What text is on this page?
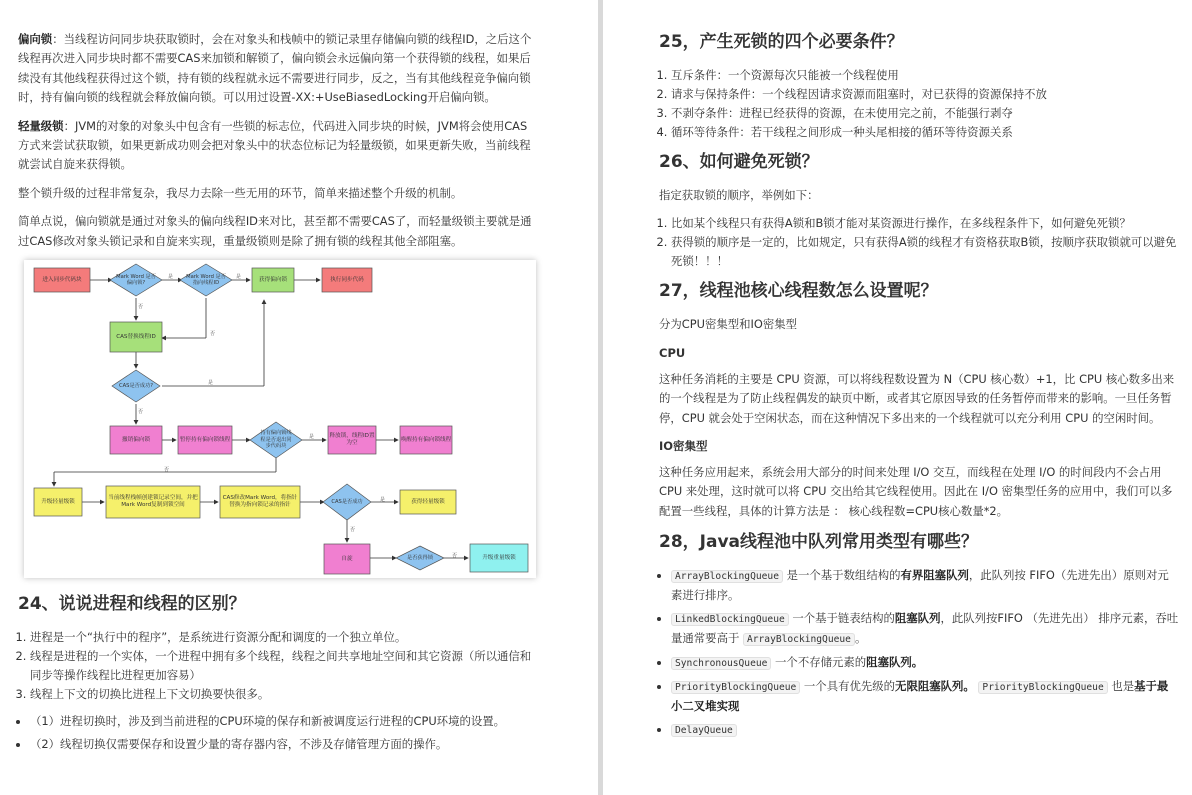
偏向锁：当线程访问同步块获取锁时，会在对象头和栈帧中的锁记录里存储偏向锁的线程ID，之后这个线程再次进入同步块时都不需要CAS来加锁和解锁了，偏向锁会永远偏向第一个获得锁的线程，如果后续没有其他线程获得过这个锁，持有锁的线程就永远不需要进行同步，反之，当有其他线程竞争偏向锁时，持有偏向锁的线程就会释放偏向锁。可以用过设置-XX:+UseBiasedLocking开启偏向锁。

轻量级锁：JVM的对象的对象头中包含有一些锁的标志位，代码进入同步块的时候，JVM将会使用CAS方式来尝试获取锁，如果更新成功则会把对象头中的状态位标记为轻量级锁，如果更新失败，当前线程就尝试自旋来获得锁。

整个锁升级的过程非常复杂，我尽力去除一些无用的环节，简单来描述整个升级的机制。

简单点说，偏向锁就是通过对象头的偏向线程ID来对比，甚至都不需要CAS了，而轻量级锁主要就是通过CAS修改对象头锁记录和自旋来实现，重量级锁则是除了拥有锁的线程其他全部阻塞。

进入同步代码块	Mark Word 是否偏向锁?
Mark Word 是否指向线程ID
获得偏向锁	执行同步代码
CAS替换线程ID
CAS是否成功?
撤销偏向锁	暂停持有偏向锁线程
持有偏向锁线程是否退出同步代码块
释放锁，线程ID置为空
唤醒持有偏向锁线程
升级轻量级锁
当前线程栈帧创建锁记录空间，并把Mark Word复制到锁空间
CAS修改Mark Word，将指针替换为指向锁记录的指针
CAS是否成功	获得轻量级锁
自旋	是否获得锁	升级重量级锁
是	是
否
否
是
否
是
否
是
否
否
24、说说进程和线程的区别？
1. 进程是一个“执行中的程序”，是系统进行资源分配和调度的一个独立单位。
2. 线程是进程的一个实体，一个进程中拥有多个线程，线程之间共享地址空间和其它资源（所以通信和同步等操作线程比进程更加容易）
3. 线程上下文的切换比进程上下文切换要快很多。
• （1）进程切换时，涉及到当前进程的CPU环境的保存和新被调度运行进程的CPU环境的设置。
• （2）线程切换仅需要保存和设置少量的寄存器内容，不涉及存储管理方面的操作。
25，产生死锁的四个必要条件？
1. 互斥条件：一个资源每次只能被一个线程使用
2. 请求与保持条件：一个线程因请求资源而阻塞时，对已获得的资源保持不放
3. 不剥夺条件：进程已经获得的资源，在未使用完之前，不能强行剥夺
4. 循环等待条件：若干线程之间形成一种头尾相接的循环等待资源关系
26、如何避免死锁？

指定获取锁的顺序，举例如下：

1. 比如某个线程只有获得A锁和B锁才能对某资源进行操作，在多线程条件下，如何避免死锁？
2. 获得锁的顺序是一定的，比如规定，只有获得A锁的线程才有资格获取B锁，按顺序获取锁就可以避免死锁！！！
27，线程池核心线程数怎么设置呢？

分为CPU密集型和IO密集型

CPU

这种任务消耗的主要是 CPU 资源，可以将线程数设置为 N（CPU 核心数）+1，比 CPU 核心数多出来的一个线程是为了防止线程偶发的缺页中断，或者其它原因导致的任务暂停而带来的影响。一旦任务暂停，CPU 就会处于空闲状态，而在这种情况下多出来的一个线程就可以充分利用 CPU 的空闲时间。

IO密集型

这种任务应用起来，系统会用大部分的时间来处理 I/O 交互，而线程在处理 I/O 的时间段内不会占用 CPU 来处理，这时就可以将 CPU 交出给其它线程使用。因此在 I/O 密集型任务的应用中，我们可以多配置一些线程，具体的计算方法是 ： 核心线程数=CPU核心数量*2。

28，Java线程池中队列常用类型有哪些？
• ArrayBlockingQueue 是一个基于数组结构的有界阻塞队列，此队列按 FIFO（先进先出）原则对元素进行排序。
• LinkedBlockingQueue 一个基于链表结构的阻塞队列，此队列按FIFO （先进先出） 排序元素，吞吐量通常要高于 ArrayBlockingQueue 。
• SynchronousQueue 一个不存储元素的阻塞队列。
• PriorityBlockingQueue 一个具有优先级的无限阻塞队列。 PriorityBlockingQueue 也是基于最小二叉堆实现
• DelayQueue
